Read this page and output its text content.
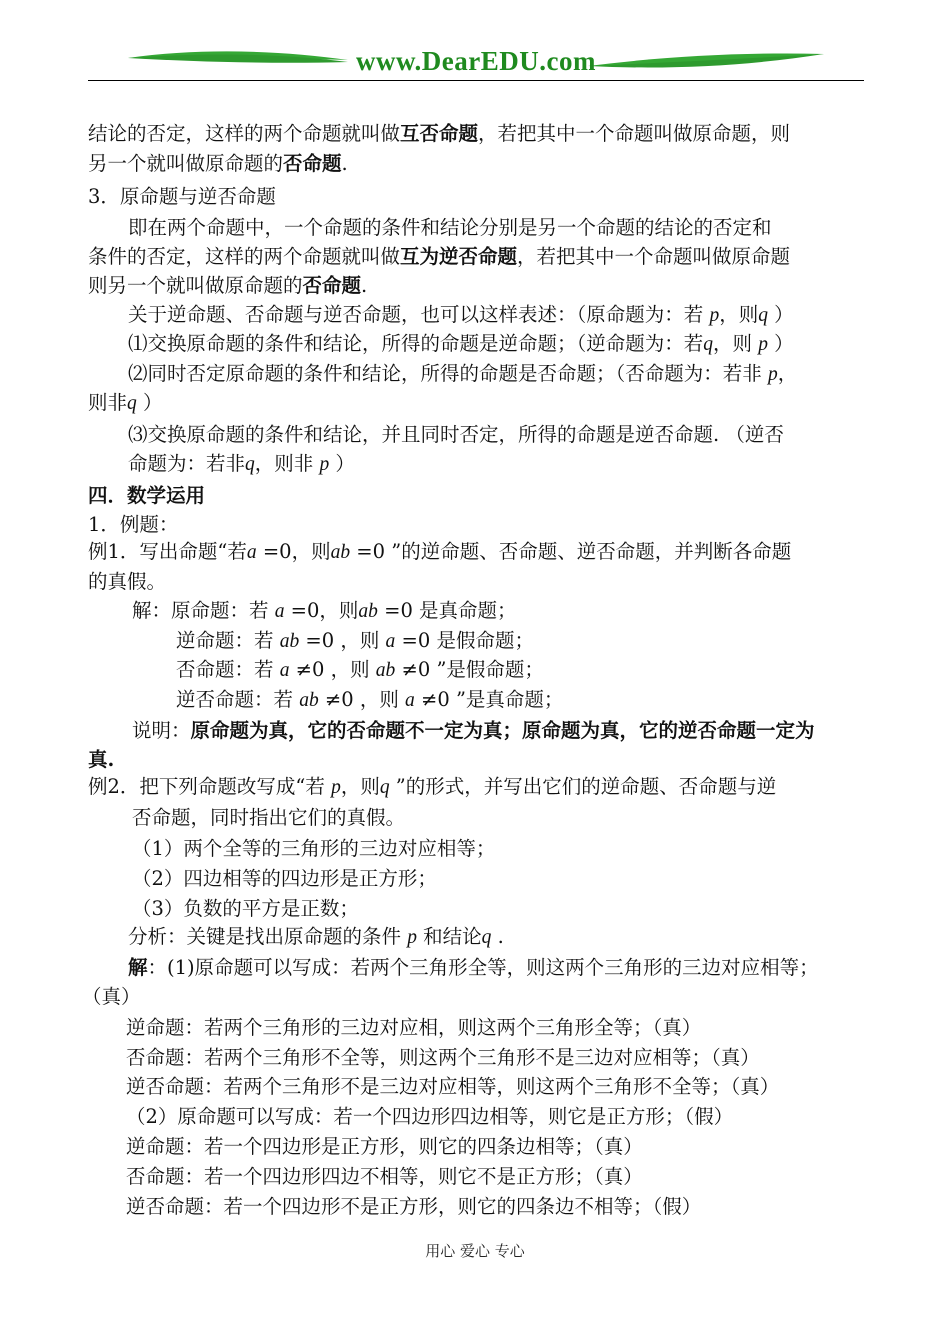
www.DearEDU.com
结论的否定，这样的两个命题就叫做互否命题，若把其中一个命题叫做原命题，则
另一个就叫做原命题的否命题.
3．原命题与逆否命题
即在两个命题中，一个命题的条件和结论分别是另一个命题的结论的否定和
条件的否定，这样的两个命题就叫做互为逆否命题，若把其中一个命题叫做原命题
则另一个就叫做原命题的否命题.
关于逆命题、否命题与逆否命题，也可以这样表述：（原命题为：若 p，则q ）
⑴交换原命题的条件和结论，所得的命题是逆命题；（逆命题为：若q，则 p ）
⑵同时否定原命题的条件和结论，所得的命题是否命题；（否命题为：若非 p，
则非q ）
⑶交换原命题的条件和结论，并且同时否定，所得的命题是逆否命题. （逆否
命题为：若非q，则非 p ）
四．数学运用
1．例题：
例1．写出命题“若a =0，则ab =0 ”的逆命题、否命题、逆否命题，并判断各命题
的真假。
解：原命题：若 a =0，则ab =0 是真命题；
逆命题：若 ab =0 ，则 a =0 是假命题；
否命题：若 a ≠0 ，则 ab ≠0 ”是假命题；
逆否命题：若 ab ≠0 ，则 a ≠0 ”是真命题；
说明：原命题为真，它的否命题不一定为真；原命题为真，它的逆否命题一定为
真.
例2．把下列命题改写成“若 p，则q ”的形式，并写出它们的逆命题、否命题与逆
否命题，同时指出它们的真假。
（1）两个全等的三角形的三边对应相等；
（2）四边相等的四边形是正方形；
（3）负数的平方是正数；
分析：关键是找出原命题的条件 p 和结论q .
解：(1)原命题可以写成：若两个三角形全等，则这两个三角形的三边对应相等；
（真）
逆命题：若两个三角形的三边对应相，则这两个三角形全等；（真）
否命题：若两个三角形不全等，则这两个三角形不是三边对应相等；（真）
逆否命题：若两个三角形不是三边对应相等，则这两个三角形不全等；（真）
（2）原命题可以写成：若一个四边形四边相等，则它是正方形；（假）
逆命题：若一个四边形是正方形，则它的四条边相等；（真）
否命题：若一个四边形四边不相等，则它不是正方形；（真）
逆否命题：若一个四边形不是正方形，则它的四条边不相等；（假）
用心 爱心 专心
